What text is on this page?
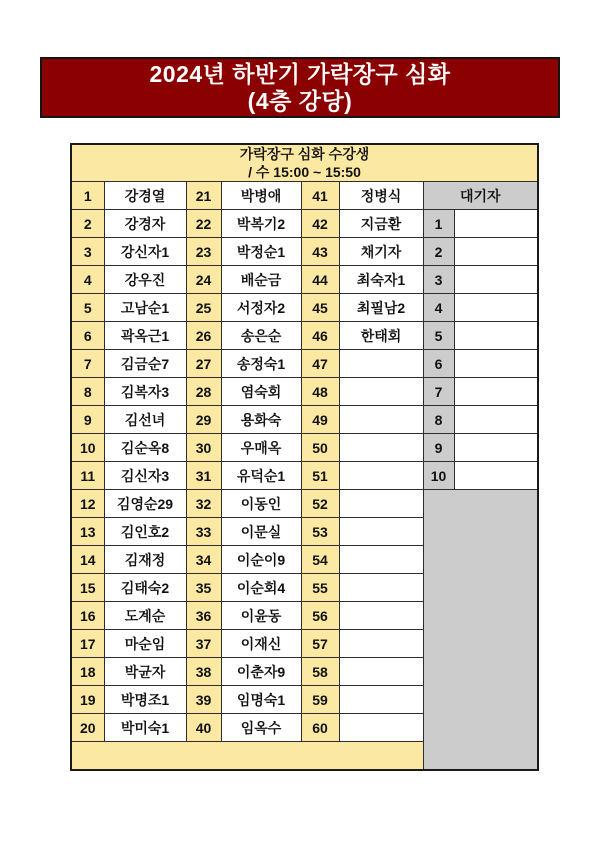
2024년 하반기 가락장구 심화
(4층 강당)
가락장구 심화 수강생
/ 수 15:00 ~ 15:50							

1	강경열	21	박병애	41	정병식	대기자	
2	강경자	22	박복기2	42	지금환	1	
3	강신자1	23	박정순1	43	채기자	2	
4	강우진	24	배순금	44	최숙자1	3	
5	고남순1	25	서정자2	45	최필남2	4	
6	곽옥근1	26	송은순	46	한태회	5	
7	김금순7	27	송정숙1	47		6	
8	김복자3	28	염숙회	48		7	
9	김선녀	29	용화숙	49		8	
10	김순옥8	30	우매옥	50		9	
11	김신자3	31	유덕순1	51		10	
12	김영순29	32	이동인	52			
13	김인호2	33	이문실	53			
14	김재정	34	이순이9	54			
15	김태숙2	35	이순회4	55			
16	도계순	36	이윤동	56			
17	마순임	37	이재신	57			
18	박균자	38	이춘자9	58			
19	박명조1	39	임명숙1	59			
20	박미숙1	40	임옥수	60			
